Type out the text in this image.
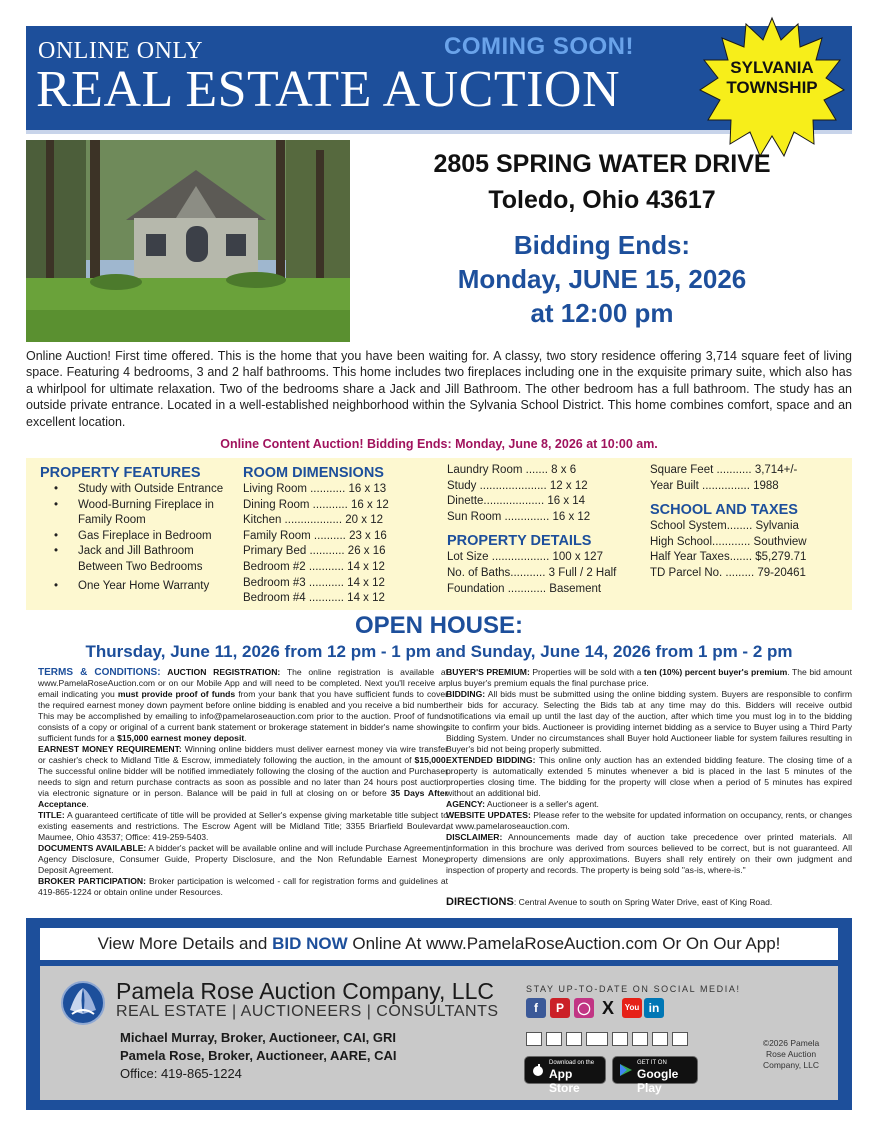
ONLINE ONLY
REAL ESTATE AUCTION
COMING SOON!
SYLVANIA
TOWNSHIP
2805 SPRING WATER DRIVE
Toledo, Ohio 43617
Bidding Ends:
Monday, JUNE 15, 2026
at 12:00 pm
Online Auction! First time offered. This is the home that you have been waiting for. A classy, two story residence offering 3,714 square feet of living space. Featuring 4 bedrooms, 3 and 2 half bathrooms. This home includes two fireplaces including one in the exquisite primary suite, which also has a whirlpool for ultimate relaxation. Two of the bedrooms share a Jack and Jill Bathroom. The other bedroom has a full bathroom. The study has an outside private entrance. Located in a well-established neighborhood within the Sylvania School District. This home combines comfort, space and an excellent location.
Online Content Auction! Bidding Ends: Monday, June 8, 2026 at 10:00 am.
PROPERTY FEATURES
• Study with Outside Entrance
• Wood-Burning Fireplace in
Family Room
• Gas Fireplace in Bedroom
• Jack and Jill Bathroom
Between Two Bedrooms
• One Year Home Warranty
ROOM DIMENSIONS
Living Room ........... 16 x 13
Dining Room ........... 16 x 12
Kitchen .................. 20 x 12
Family Room .......... 23 x 16
Primary Bed ........... 26 x 16
Bedroom #2 ........... 14 x 12
Bedroom #3 ........... 14 x 12
Bedroom #4 ........... 14 x 12
Laundry Room ....... 8 x 6
Study ..................... 12 x 12
Dinette................... 16 x 14
Sun Room .............. 16 x 12
PROPERTY DETAILS
Lot Size .................. 100 x 127
No. of Baths........... 3 Full / 2 Half
Foundation ............ Basement
Square Feet ........... 3,714+/-
Year Built ............... 1988
SCHOOL AND TAXES
School System........ Sylvania
High School............ Southview
Half Year Taxes....... $5,279.71
TD Parcel No. ......... 79-20461
OPEN HOUSE:
Thursday, June 11, 2026 from 12 pm - 1 pm and Sunday, June 14, 2026 from 1 pm - 2 pm

TERMS & CONDITIONS: AUCTION REGISTRATION: The online registration is available at www.PamelaRoseAuction.com or on our Mobile App and will need to be completed. Next you'll receive an email indicating you must provide proof of funds from your bank that you have sufficient funds to cover the required earnest money down payment before online bidding is enabled and you receive a bid number. This may be accomplished by emailing to info@pamelaroseauction.com prior to the auction. Proof of funds consists of a copy or original of a current bank statement or brokerage statement in bidder's name showing sufficient funds for a $15,000 earnest money deposit.

EARNEST MONEY REQUIREMENT: Winning online bidders must deliver earnest money via wire transfer or cashier's check to Midland Title & Escrow, immediately following the auction, in the amount of $15,000. The successful online bidder will be notified immediately following the closing of the auction and Purchaser needs to sign and return purchase contracts as soon as possible and no later than 24 hours post auction via electronic signature or in person. Balance will be paid in full at closing on or before 35 Days After Acceptance.

TITLE: A guaranteed certificate of title will be provided at Seller's expense giving marketable title subject to existing easements and restrictions. The Escrow Agent will be Midland Title; 3355 Briarfield Boulevard, Maumee, Ohio 43537; Office: 419-259-5403.

DOCUMENTS AVAILABLE: A bidder's packet will be available online and will include Purchase Agreement, Agency Disclosure, Consumer Guide, Property Disclosure, and the Non Refundable Earnest Money Deposit Agreement.

BROKER PARTICIPATION: Broker participation is welcomed - call for registration forms and guidelines at 419-865-1224 or obtain online under Resources.

BUYER'S PREMIUM: Properties will be sold with a ten (10%) percent buyer's premium. The bid amount plus buyer's premium equals the final purchase price.

BIDDING: All bids must be submitted using the online bidding system. Buyers are responsible to confirm their bids for accuracy. Selecting the Bids tab at any time may do this. Bidders will receive outbid notifications via email up until the last day of the auction, after which time you must log in to the bidding site to confirm your bids. Auctioneer is providing internet bidding as a service to Buyer using a Third Party Bidding System. Under no circumstances shall Buyer hold Auctioneer liable for system failures resulting in Buyer's bid not being properly submitted.

EXTENDED BIDDING: This online only auction has an extended bidding feature. The closing time of a property is automatically extended 5 minutes whenever a bid is placed in the last 5 minutes of the properties closing time. The bidding for the property will close when a period of 5 minutes has expired without an additional bid.

AGENCY: Auctioneer is a seller's agent.

WEBSITE UPDATES: Please refer to the website for updated information on occupancy, rents, or changes at www.pamelaroseauction.com.

DISCLAIMER: Announcements made day of auction take precedence over printed materials. All information in this brochure was derived from sources believed to be correct, but is not guaranteed. All property dimensions are only approximations. Buyers shall rely entirely on their own judgment and inspection of property and records. The property is being sold "as-is, where-is."

DIRECTIONS: Central Avenue to south on Spring Water Drive, east of King Road.
View More Details and BID NOW Online At www.PamelaRoseAuction.com Or On Our App!
Pamela Rose Auction Company, LLC
REAL ESTATE | AUCTIONEERS | CONSULTANTS
Michael Murray, Broker, Auctioneer, CAI, GRI
Pamela Rose, Broker, Auctioneer, AARE, CAI
Office: 419-865-1224
STAY UP-TO-DATE ON SOCIAL MEDIA!
f	P	◯ X	You in
Download on the
App Store
GET IT ON
Google Play
©2026 Pamela Rose Auction Company, LLC
